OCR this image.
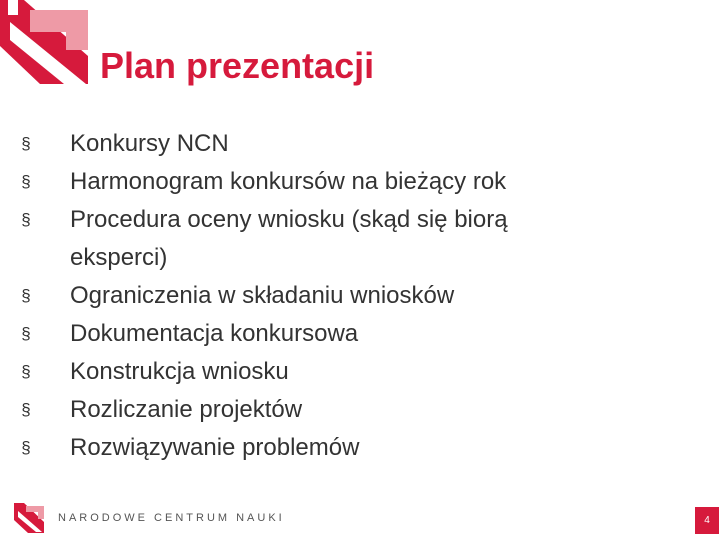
Plan prezentacji
§ Konkursy NCN
§ Harmonogram konkursów na bieżący rok
§ Procedura oceny wniosku (skąd się biorą eksperci)
§ Ograniczenia w składaniu wniosków
§ Dokumentacja konkursowa
§ Konstrukcja wniosku
§ Rozliczanie projektów
§ Rozwiązywanie problemów
NARODOWE CENTRUM NAUKI	4
